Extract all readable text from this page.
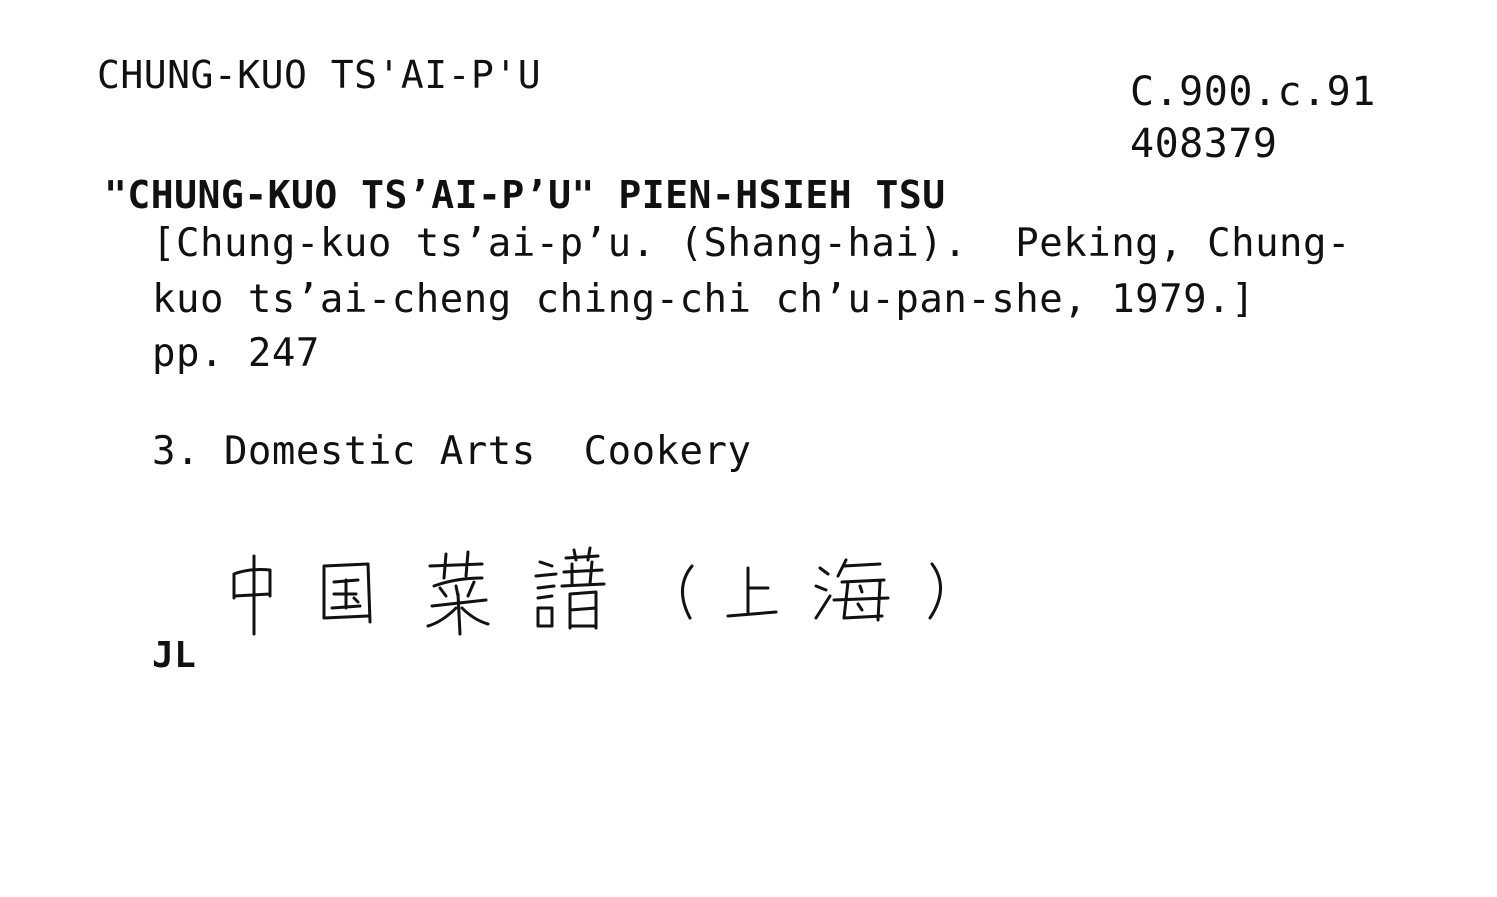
CHUNG-KUO TS'AI-P'U	C.900.c.91
408379
"CHUNG-KUO TS’AI-P’U" PIEN-HSIEH TSU
[Chung-kuo ts’ai-p’u. (Shang-hai).  Peking, Chung-
kuo ts’ai-cheng ching-chi ch’u-pan-she, 1979.]
pp. 247
3. Domestic Arts  Cookery
JL
